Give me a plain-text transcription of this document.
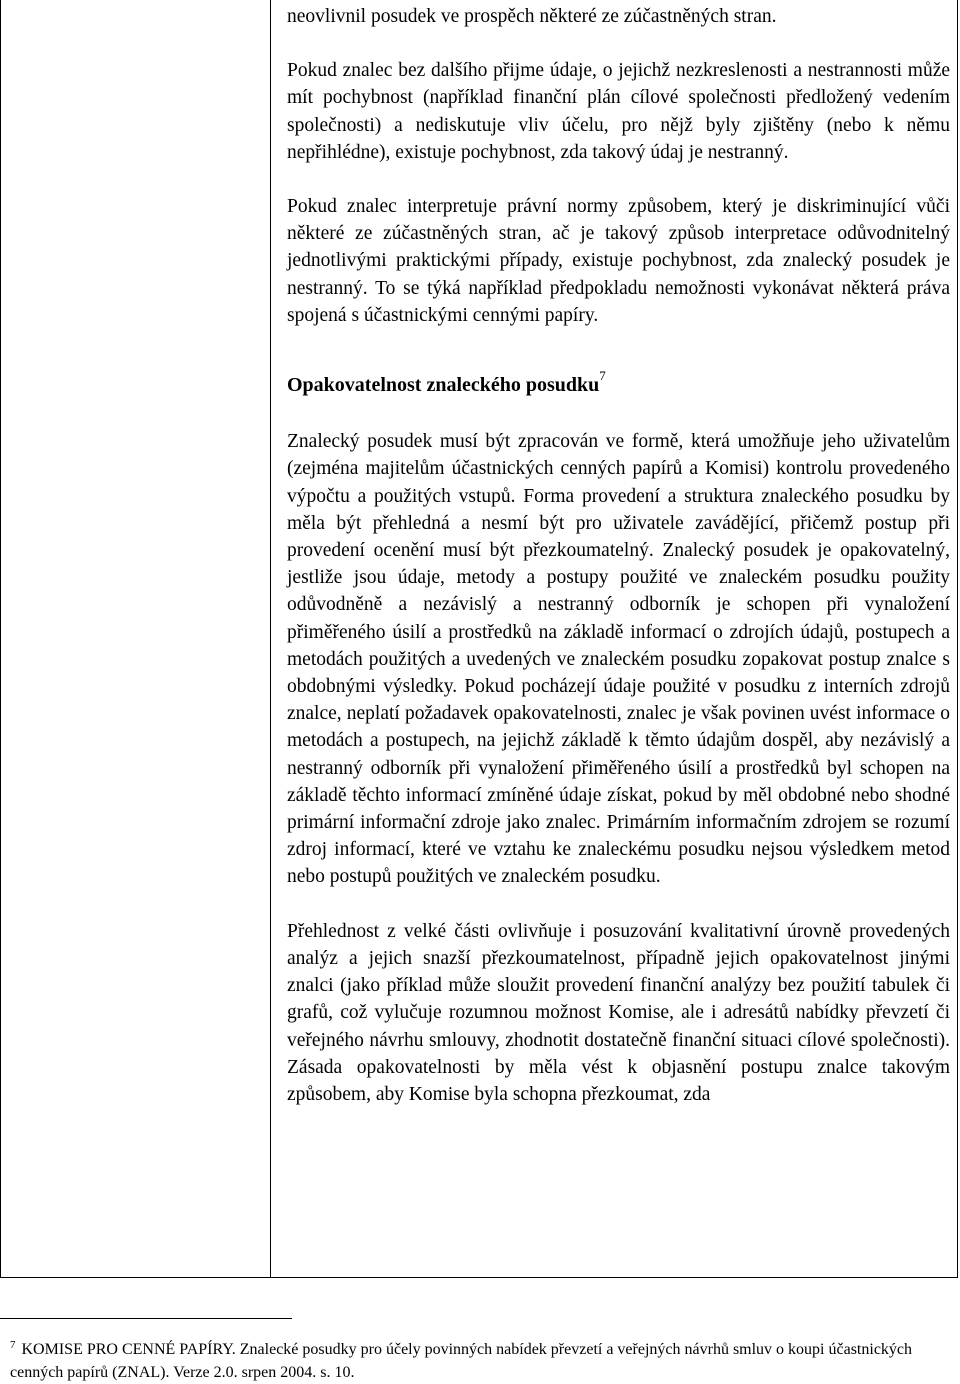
neovlivnil posudek ve prospěch některé ze zúčastněných stran.

Pokud znalec bez dalšího přijme údaje, o jejichž nezkreslenosti a nestrannosti může mít pochybnost (například finanční plán cílové společnosti předložený vedením společnosti) a nediskutuje vliv účelu, pro nějž byly zjištěny (nebo k němu nepřihlédne), existuje pochybnost, zda takový údaj je nestranný.

Pokud znalec interpretuje právní normy způsobem, který je diskriminující vůči některé ze zúčastněných stran, ač je takový způsob interpretace odůvodnitelný jednotlivými praktickými případy, existuje pochybnost, zda znalecký posudek je nestranný. To se týká například předpokladu nemožnosti vykonávat některá práva spojená s účastnickými cennými papíry.

Opakovatelnost znaleckého posudku$^7$

Znalecký posudek musí být zpracován ve formě, která umožňuje jeho uživatelům (zejména majitelům účastnických cenných papírů a Komisi) kontrolu provedeného výpočtu a použitých vstupů. Forma provedení a struktura znaleckého posudku by měla být přehledná a nesmí být pro uživatele zavádějící, přičemž postup při provedení ocenění musí být přezkoumatelný. Znalecký posudek je opakovatelný, jestliže jsou údaje, metody a postupy použité ve znaleckém posudku použity odůvodněně a nezávislý a nestranný odborník je schopen při vynaložení přiměřeného úsilí a prostředků na základě informací o zdrojích údajů, postupech a metodách použitých a uvedených ve znaleckém posudku zopakovat postup znalce s obdobnými výsledky. Pokud pocházejí údaje použité v posudku z interních zdrojů znalce, neplatí požadavek opakovatelnosti, znalec je však povinen uvést informace o metodách a postupech, na jejichž základě k těmto údajům dospěl, aby nezávislý a nestranný odborník při vynaložení přiměřeného úsilí a prostředků byl schopen na základě těchto informací zmíněné údaje získat, pokud by měl obdobné nebo shodné primární informační zdroje jako znalec. Primárním informačním zdrojem se rozumí zdroj informací, které ve vztahu ke znaleckému posudku nejsou výsledkem metod nebo postupů použitých ve znaleckém posudku.

Přehlednost z velké části ovlivňuje i posuzování kvalitativní úrovně provedených analýz a jejich snazší přezkoumatelnost, případně jejich opakovatelnost jinými znalci (jako příklad může sloužit provedení finanční analýzy bez použití tabulek či grafů, což vylučuje rozumnou možnost Komise, ale i adresátů nabídky převzetí či veřejného návrhu smlouvy, zhodnotit dostatečně finanční situaci cílové společnosti). Zásada opakovatelnosti by měla vést k objasnění postupu znalce takovým způsobem, aby Komise byla schopna přezkoumat, zda

$^7$ KOMISE PRO CENNÉ PAPÍRY. Znalecké posudky pro účely povinných nabídek převzetí a veřejných návrhů smluv o koupi účastnických cenných papírů (ZNAL). Verze 2.0. srpen 2004. s. 10.
